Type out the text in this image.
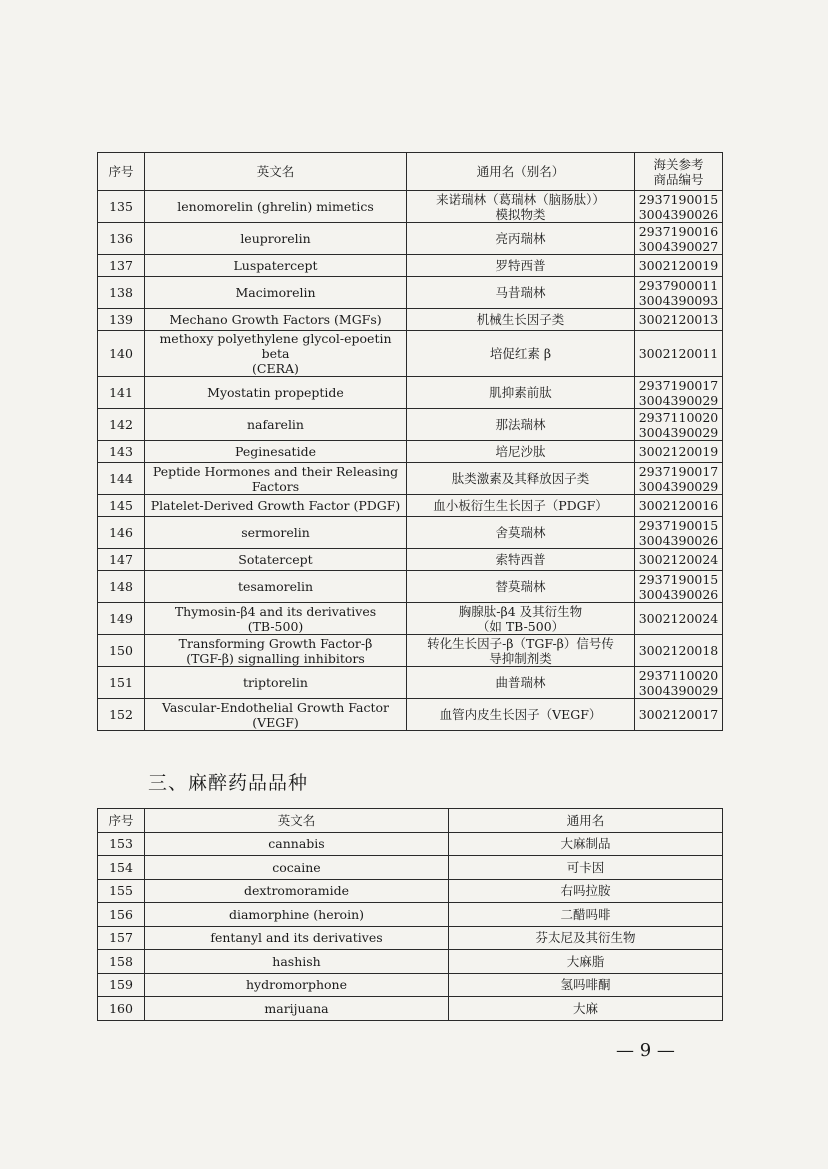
序号	英文名	通用名（别名）	海关参考
商品编号

135	lenomorelin (ghrelin) mimetics	来诺瑞林（葛瑞林（脑肠肽））
模拟物类	2937190015
3004390026

136	leuprorelin	亮丙瑞林	2937190016
3004390027

137	Luspatercept	罗特西普	3002120019

138	Macimorelin	马昔瑞林	2937900011
3004390093

139	Mechano Growth Factors (MGFs)	机械生长因子类	3002120013

140	methoxy polyethylene glycol-epoetin beta
(CERA)	培促红素 β	3002120011

141	Myostatin propeptide	肌抑素前肽	2937190017
3004390029

142	nafarelin	那法瑞林	2937110020
3004390029

143	Peginesatide	培尼沙肽	3002120019

144	Peptide Hormones and their Releasing
Factors	肽类激素及其释放因子类	2937190017
3004390029

145	Platelet-Derived Growth Factor (PDGF)	血小板衍生生长因子（PDGF）	3002120016

146	sermorelin	舍莫瑞林	2937190015
3004390026

147	Sotatercept	索特西普	3002120024

148	tesamorelin	替莫瑞林	2937190015
3004390026

149	Thymosin-β4 and its derivatives
(TB-500)	胸腺肽-β4 及其衍生物
（如 TB-500）	3002120024

150	Transforming Growth Factor-β
(TGF-β) signalling inhibitors	转化生长因子-β（TGF-β）信号传
导抑制剂类	3002120018

151	triptorelin	曲普瑞林	2937110020
3004390029

152	Vascular-Endothelial Growth Factor
(VEGF)	血管内皮生长因子（VEGF）	3002120017
三、麻醉药品品种
序号	英文名	通用名
153	cannabis	大麻制品
154	cocaine	可卡因
155	dextromoramide	右吗拉胺
156	diamorphine (heroin)	二醋吗啡
157	fentanyl and its derivatives	芬太尼及其衍生物
158	hashish	大麻脂
159	hydromorphone	氢吗啡酮
160	marijuana	大麻
— 9 —
